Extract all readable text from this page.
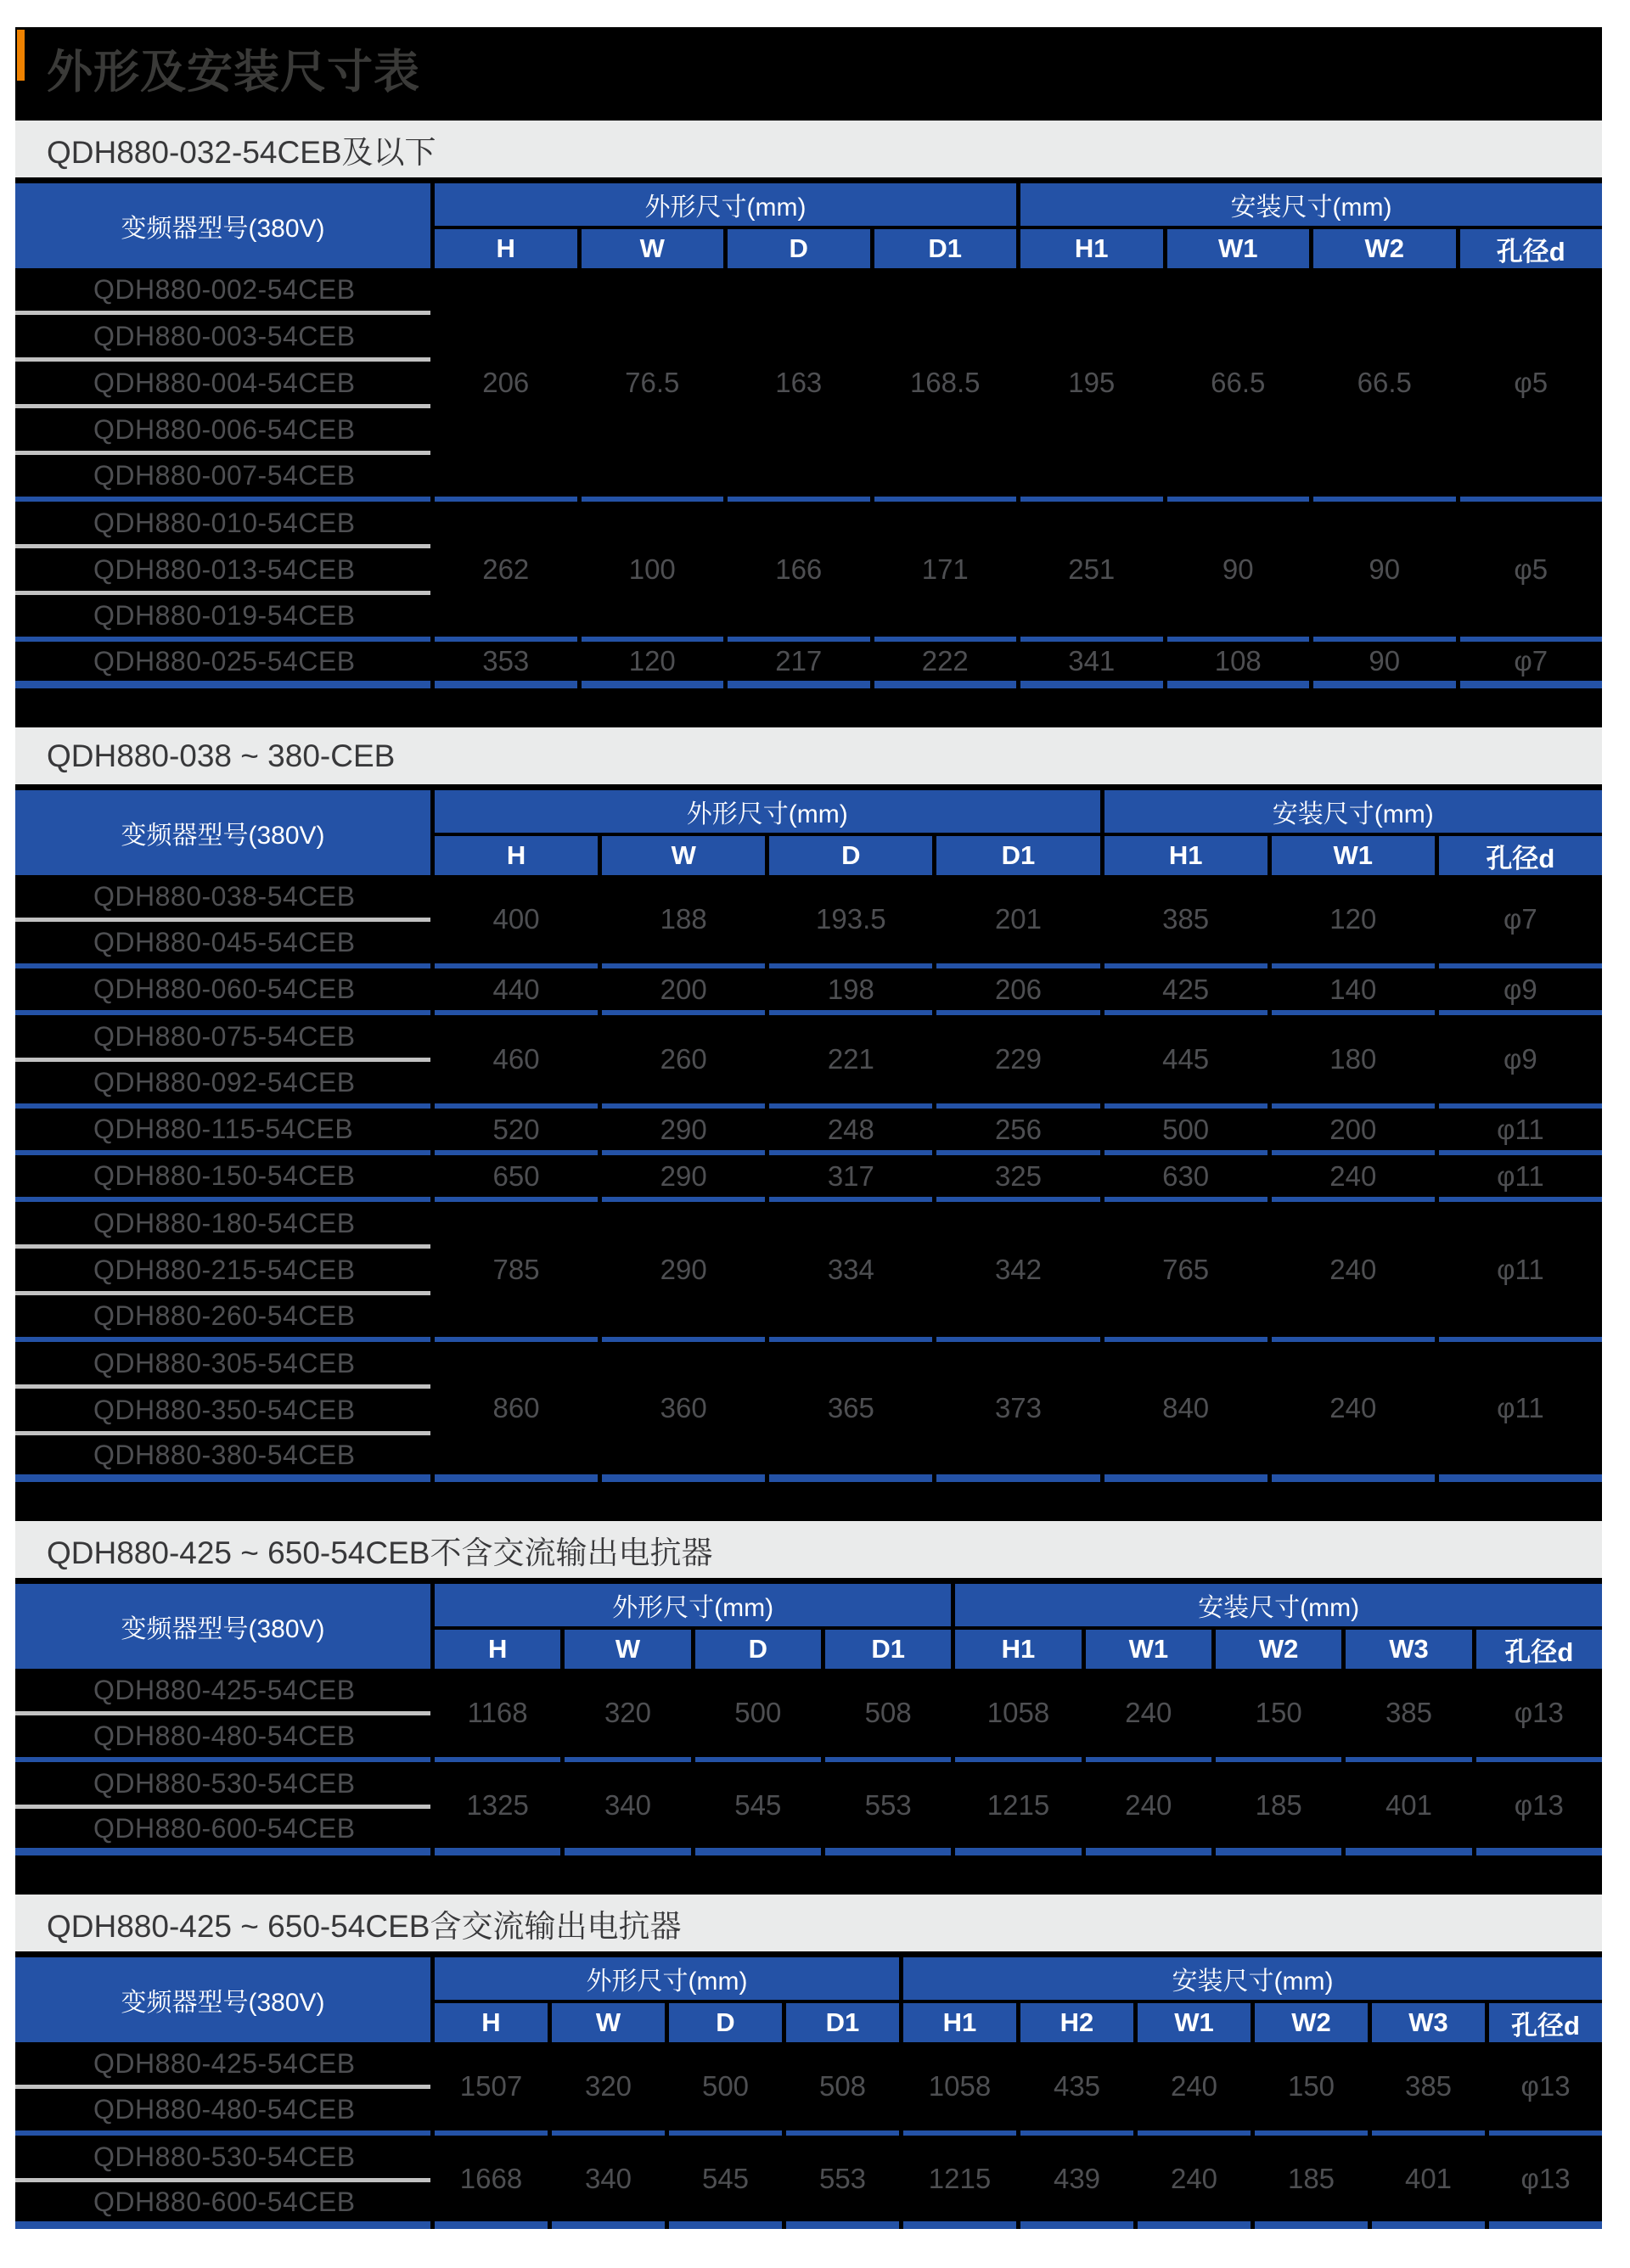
外形及安装尺寸表
QDH880-032-54CEB及以下
变频器型号(380V)
外形尺寸(mm)	安装尺寸(mm)
H	W	D	D1	H1	W1	W2	孔径d
QDH880-002-54CEB
QDH880-003-54CEB
QDH880-004-54CEB
QDH880-006-54CEB
QDH880-007-54CEB
206	76.5	163	168.5	195	66.5	66.5	φ5
QDH880-010-54CEB
QDH880-013-54CEB
QDH880-019-54CEB
262	100	166	171	251	90	90	φ5
QDH880-025-54CEB	353	120	217	222	341	108	90	φ7
QDH880-038 ~ 380-CEB
变频器型号(380V)
外形尺寸(mm)	安装尺寸(mm)
H	W	D	D1	H1	W1	孔径d
QDH880-038-54CEB
QDH880-045-54CEB
400	188	193.5	201	385	120	φ7
QDH880-060-54CEB	440	200	198	206	425	140	φ9
QDH880-075-54CEB
QDH880-092-54CEB
460	260	221	229	445	180	φ9
QDH880-115-54CEB	520	290	248	256	500	200	φ11
QDH880-150-54CEB	650	290	317	325	630	240	φ11
QDH880-180-54CEB
QDH880-215-54CEB
QDH880-260-54CEB
785	290	334	342	765	240	φ11
QDH880-305-54CEB
QDH880-350-54CEB
QDH880-380-54CEB
860	360	365	373	840	240	φ11
QDH880-425 ~ 650-54CEB不含交流输出电抗器
变频器型号(380V)
外形尺寸(mm)	安装尺寸(mm)
H	W	D	D1	H1	W1	W2	W3	孔径d
QDH880-425-54CEB
QDH880-480-54CEB
1168	320	500	508	1058	240	150	385	φ13
QDH880-530-54CEB
QDH880-600-54CEB
1325	340	545	553	1215	240	185	401	φ13
QDH880-425 ~ 650-54CEB含交流输出电抗器
变频器型号(380V)
外形尺寸(mm)	安装尺寸(mm)
H	W	D	D1	H1	H2	W1	W2	W3	孔径d
QDH880-425-54CEB
QDH880-480-54CEB
1507	320	500	508	1058	435	240	150	385	φ13
QDH880-530-54CEB
QDH880-600-54CEB
1668	340	545	553	1215	439	240	185	401	φ13
